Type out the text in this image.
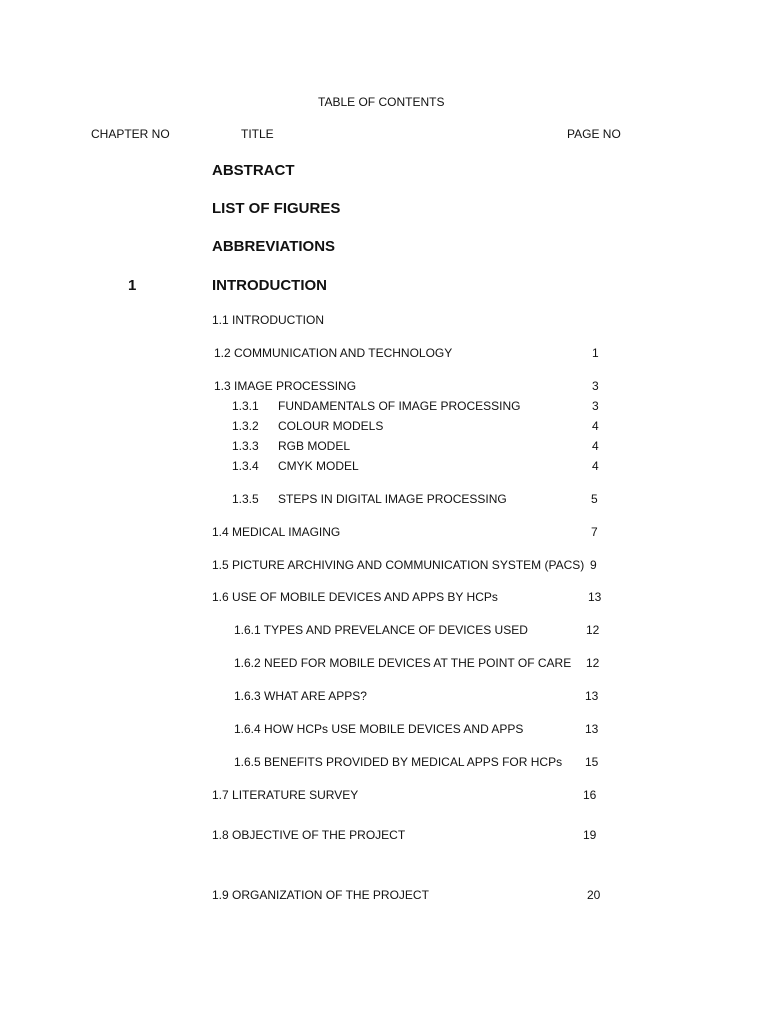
TABLE OF CONTENTS
CHAPTER NO	TITLE	PAGE NO
ABSTRACT
LIST OF FIGURES
ABBREVIATIONS
1	INTRODUCTION
1.1 INTRODUCTION
1.2 COMMUNICATION AND TECHNOLOGY	1
1.3 IMAGE PROCESSING	3
1.3.1 FUNDAMENTALS OF IMAGE PROCESSING	3
1.3.2 COLOUR MODELS	4
1.3.3 RGB MODEL	4
1.3.4 CMYK MODEL	4
1.3.5 STEPS IN DIGITAL IMAGE PROCESSING	5
1.4 MEDICAL IMAGING	7
1.5 PICTURE ARCHIVING AND COMMUNICATION SYSTEM (PACS) 9
1.6 USE OF MOBILE DEVICES AND APPS BY HCPs	13
1.6.1 TYPES AND PREVELANCE OF DEVICES USED	12
1.6.2 NEED FOR MOBILE DEVICES AT THE POINT OF CARE 12
1.6.3 WHAT ARE APPS?	13
1.6.4 HOW HCPs USE MOBILE DEVICES AND APPS	13
1.6.5 BENEFITS PROVIDED BY MEDICAL APPS FOR HCPs 15
1.7 LITERATURE SURVEY	16
1.8 OBJECTIVE OF THE PROJECT	19
1.9 ORGANIZATION OF THE PROJECT	20
